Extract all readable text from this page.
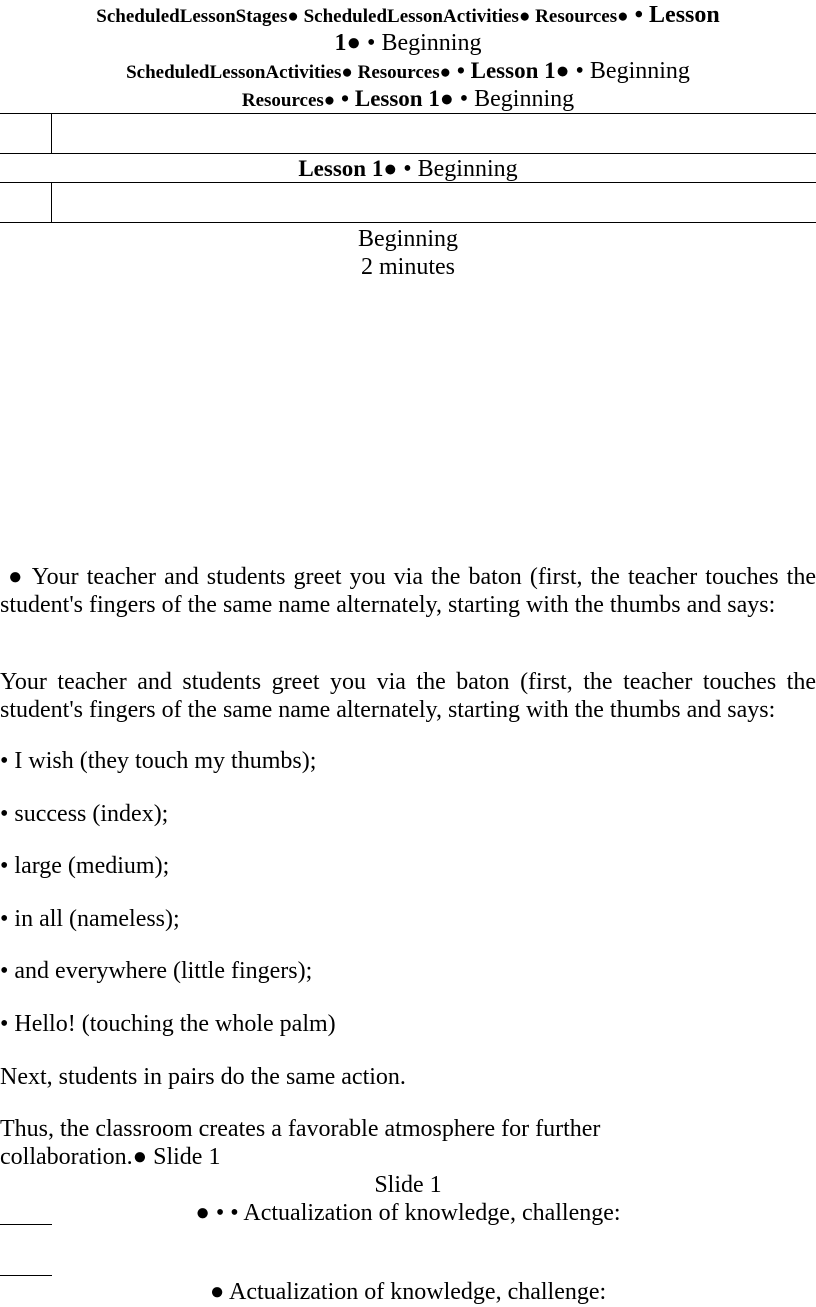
ScheduledLessonStages● ScheduledLessonActivities● Resources● • Lesson
1● • Beginning
ScheduledLessonActivities● Resources● • Lesson 1● • Beginning
Resources● • Lesson 1● • Beginning
Lesson 1● • Beginning
Beginning
2 minutes
● Your teacher and students greet you via the baton (first, the teacher touches the student's fingers of the same name alternately, starting with the thumbs and says:
Your teacher and students greet you via the baton (first, the teacher touches the student's fingers of the same name alternately, starting with the thumbs and says:
• I wish (they touch my thumbs);
• success (index);
• large (medium);
• in all (nameless);
• and everywhere (little fingers);
• Hello! (touching the whole palm)
Next, students in pairs do the same action.
Thus, the classroom creates a favorable atmosphere for further
collaboration.● Slide 1
Slide 1
● • • Actualization of knowledge, challenge:
● Actualization of knowledge, challenge:
